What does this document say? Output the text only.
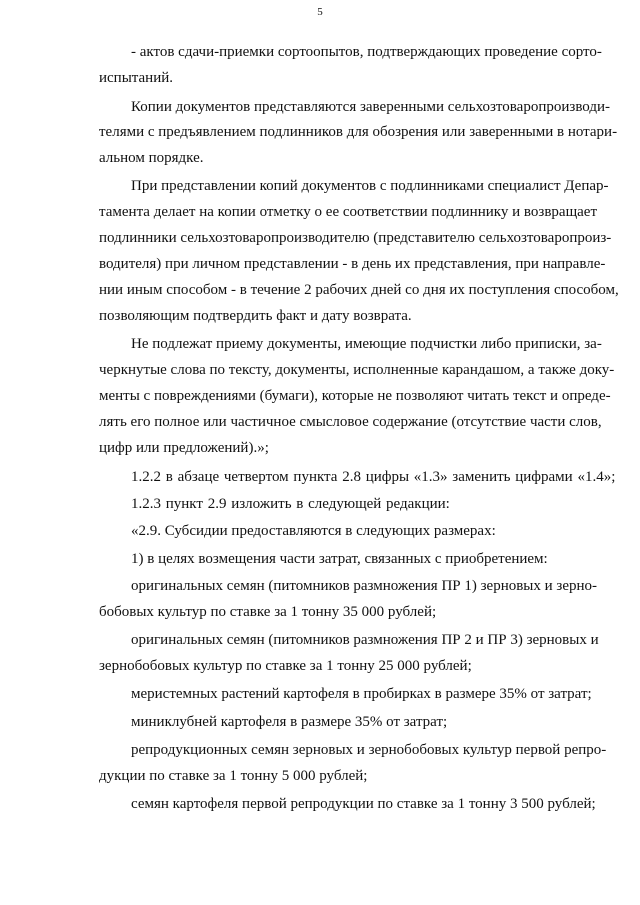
5
- актов сдачи-приемки сортоопытов, подтверждающих проведение сорто-
испытаний.
Копии документов представляются заверенными сельхозтоваропроизводи-
телями с предъявлением подлинников для обозрения или заверенными в нотари-
альном порядке.
При представлении копий документов с подлинниками специалист Депар-
тамента делает на копии отметку о ее соответствии подлиннику и возвращает
подлинники сельхозтоваропроизводителю (представителю сельхозтоваропроиз-
водителя) при личном представлении - в день их представления, при направле-
нии иным способом - в течение 2 рабочих дней со дня их поступления способом,
позволяющим подтвердить факт и дату возврата.
Не подлежат приему документы, имеющие подчистки либо приписки, за-
черкнутые слова по тексту, документы, исполненные карандашом, а также доку-
менты с повреждениями (бумаги), которые не позволяют читать текст и опреде-
лять его полное или частичное смысловое содержание (отсутствие части слов,
цифр или предложений).»;
1.2.2 в абзаце четвертом пункта 2.8 цифры «1.3» заменить цифрами «1.4»;
1.2.3 пункт 2.9 изложить в следующей редакции:
«2.9. Субсидии предоставляются в следующих размерах:
1) в целях возмещения части затрат, связанных с приобретением:
оригинальных семян (питомников размножения ПР 1) зерновых и зерно-
бобовых культур по ставке за 1 тонну 35 000 рублей;
оригинальных семян (питомников размножения ПР 2 и ПР 3) зерновых и
зернобобовых культур по ставке за 1 тонну 25 000 рублей;
меристемных растений картофеля в пробирках в размере 35% от затрат;
миниклубней картофеля в размере 35% от затрат;
репродукционных семян зерновых и зернобобовых культур первой репро-
дукции по ставке за 1 тонну 5 000 рублей;
семян картофеля первой репродукции по ставке за 1 тонну 3 500 рублей;
